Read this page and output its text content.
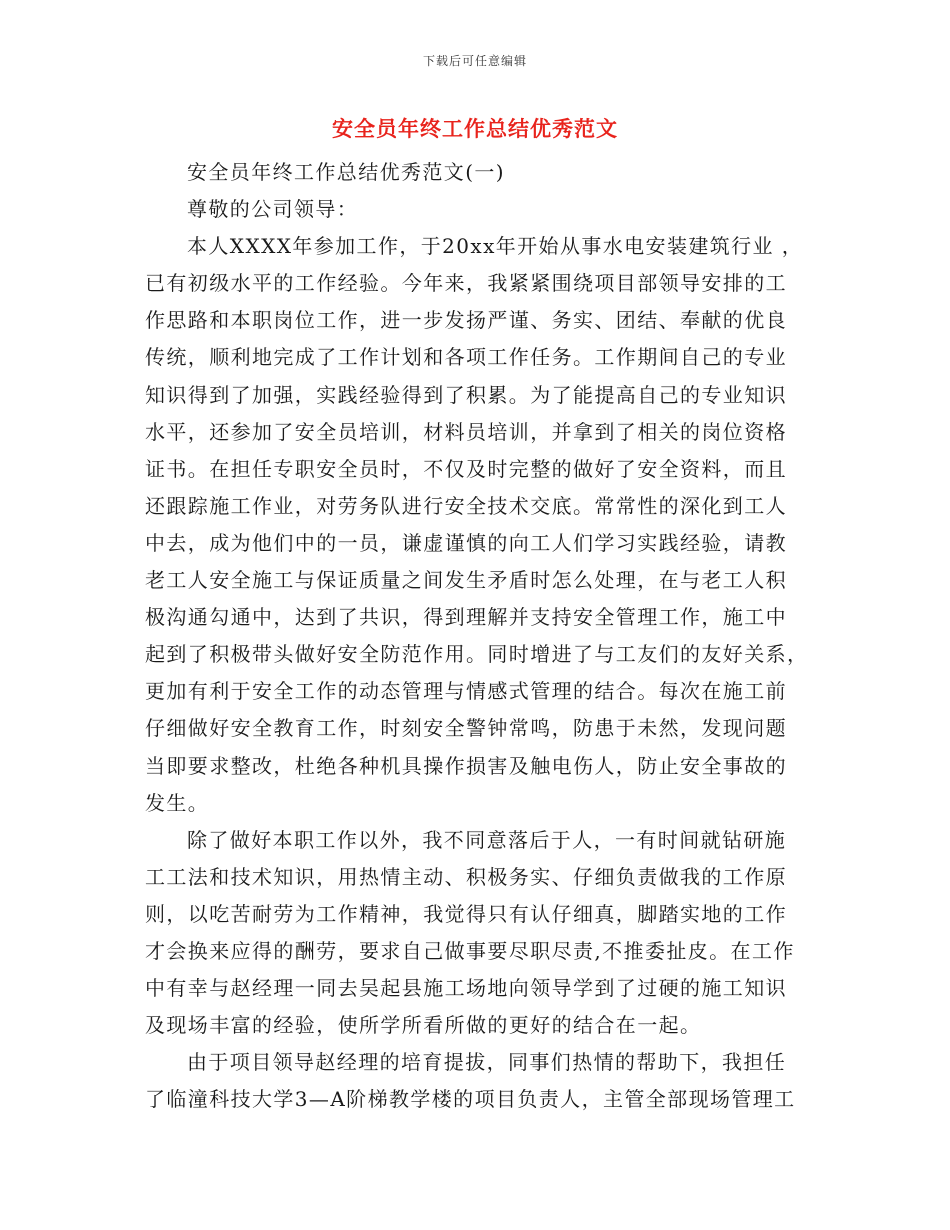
下载后可任意编辑
安全员年终工作总结优秀范文
安全员年终工作总结优秀范文(一)
尊敬的公司领导：
本人XXXX年参加工作，于20xx年开始从事水电安装建筑行业 ，
已有初级水平的工作经验。今年来，我紧紧围绕项目部领导安排的工
作思路和本职岗位工作，进一步发扬严谨、务实、团结、奉献的优良
传统，顺利地完成了工作计划和各项工作任务。工作期间自己的专业
知识得到了加强，实践经验得到了积累。为了能提高自己的专业知识
水平，还参加了安全员培训，材料员培训，并拿到了相关的岗位资格
证书。在担任专职安全员时，不仅及时完整的做好了安全资料，而且
还跟踪施工作业，对劳务队进行安全技术交底。常常性的深化到工人
中去，成为他们中的一员，谦虚谨慎的向工人们学习实践经验，请教
老工人安全施工与保证质量之间发生矛盾时怎么处理，在与老工人积
极沟通勾通中，达到了共识，得到理解并支持安全管理工作，施工中
起到了积极带头做好安全防范作用。同时增进了与工友们的友好关系，
更加有利于安全工作的动态管理与情感式管理的结合。每次在施工前
仔细做好安全教育工作，时刻安全警钟常鸣，防患于未然，发现问题
当即要求整改，杜绝各种机具操作损害及触电伤人，防止安全事故的
发生。
除了做好本职工作以外，我不同意落后于人，一有时间就钻研施
工工法和技术知识，用热情主动、积极务实、仔细负责做我的工作原
则，以吃苦耐劳为工作精神，我觉得只有认仔细真，脚踏实地的工作
才会换来应得的酬劳，要求自己做事要尽职尽责,不推委扯皮。在工作
中有幸与赵经理一同去吴起县施工场地向领导学到了过硬的施工知识
及现场丰富的经验，使所学所看所做的更好的结合在一起。
由于项目领导赵经理的培育提拔，同事们热情的帮助下，我担任
了临潼科技大学3—A阶梯教学楼的项目负责人，主管全部现场管理工
